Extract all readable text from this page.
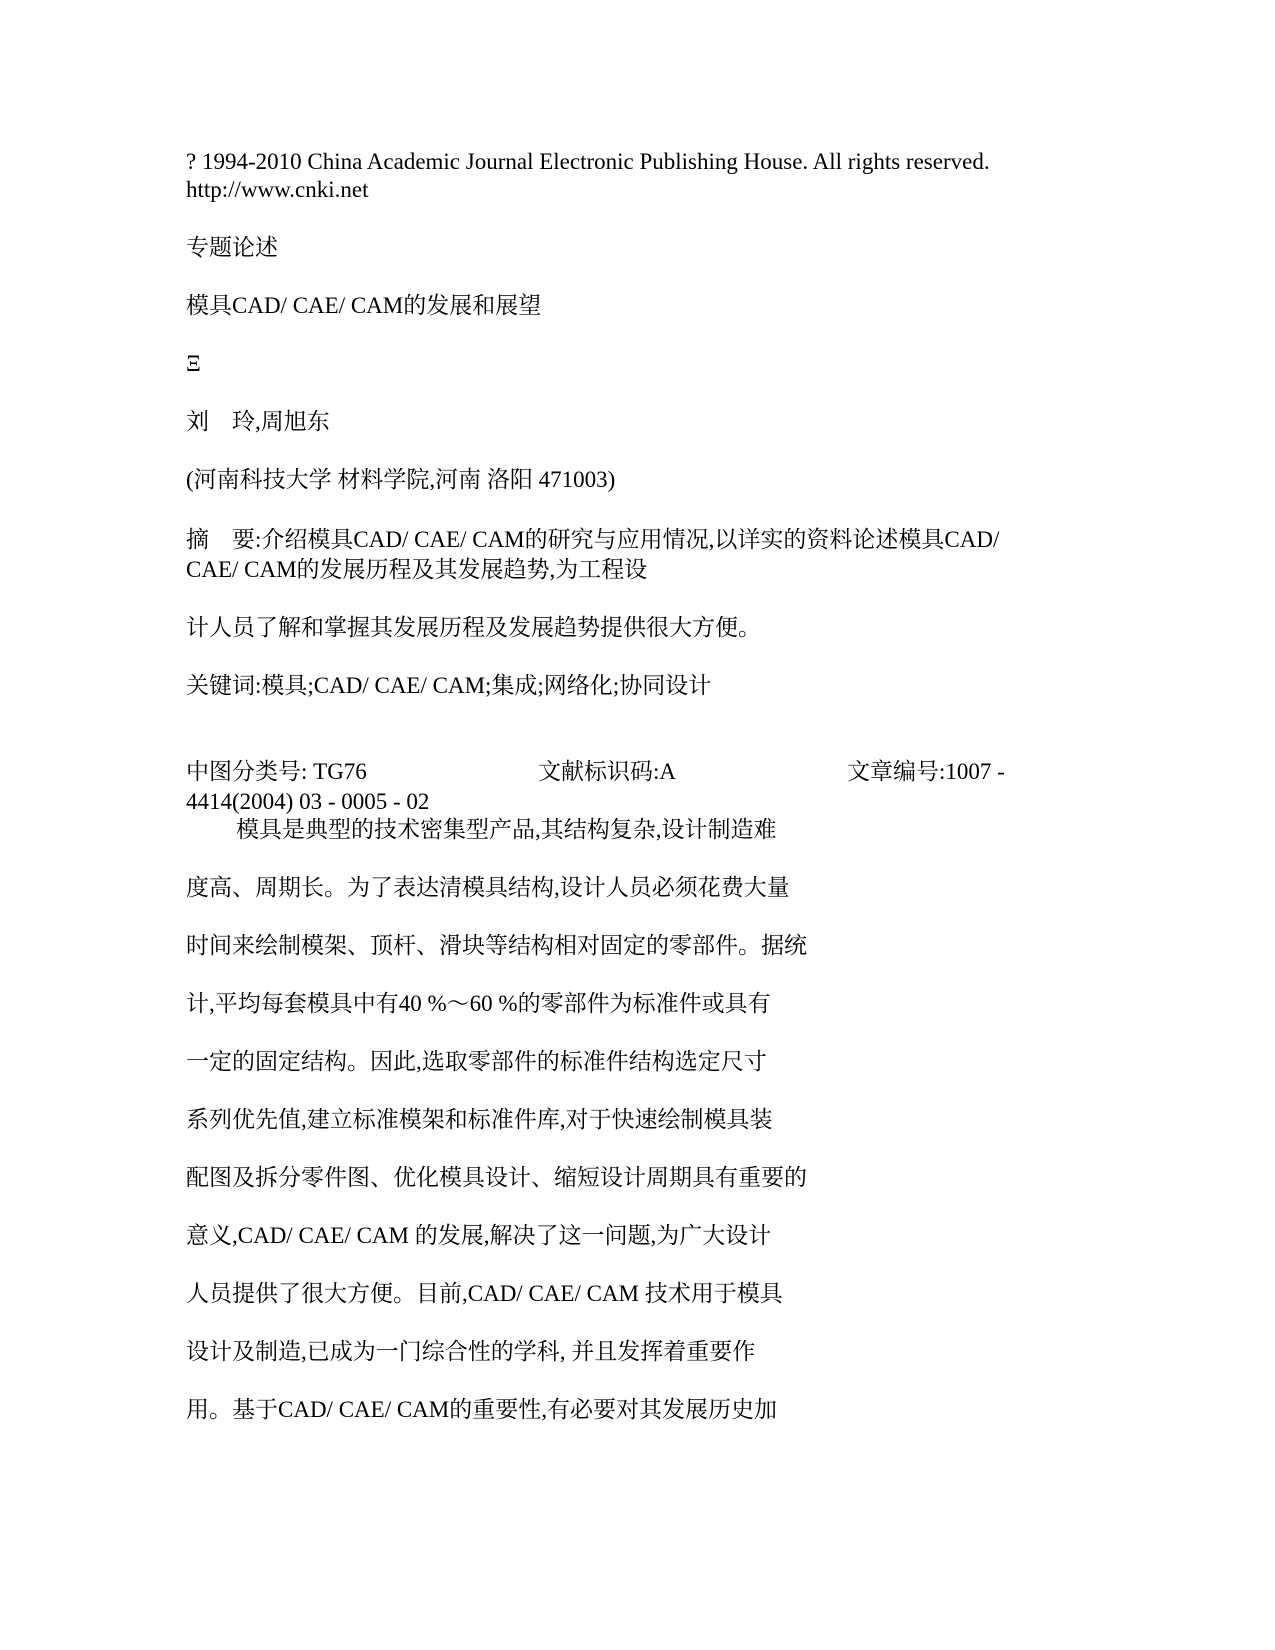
? 1994-2010 China Academic Journal Electronic Publishing House. All rights reserved.
http://www.cnki.net
专题论述
模具CAD/ CAE/ CAM的发展和展望
Ξ
刘　玲,周旭东
(河南科技大学 材料学院,河南 洛阳 471003)
摘　要:介绍模具CAD/ CAE/ CAM的研究与应用情况,以详实的资料论述模具CAD/
CAE/ CAM的发展历程及其发展趋势,为工程设
计人员了解和掌握其发展历程及发展趋势提供很大方便。
关键词:模具;CAD/ CAE/ CAM;集成;网络化;协同设计
中图分类号: TG76	文献标识码:A	文章编号:1007 -
4414(2004) 03 - 0005 - 02
模具是典型的技术密集型产品,其结构复杂,设计制造难
度高、周期长。为了表达清模具结构,设计人员必须花费大量
时间来绘制模架、顶杆、滑块等结构相对固定的零部件。据统
计,平均每套模具中有40 %～60 %的零部件为标准件或具有
一定的固定结构。因此,选取零部件的标准件结构选定尺寸
系列优先值,建立标准模架和标准件库,对于快速绘制模具装
配图及拆分零件图、优化模具设计、缩短设计周期具有重要的
意义,CAD/ CAE/ CAM 的发展,解决了这一问题,为广大设计
人员提供了很大方便。目前,CAD/ CAE/ CAM 技术用于模具
设计及制造,已成为一门综合性的学科, 并且发挥着重要作
用。基于CAD/ CAE/ CAM的重要性,有必要对其发展历史加
